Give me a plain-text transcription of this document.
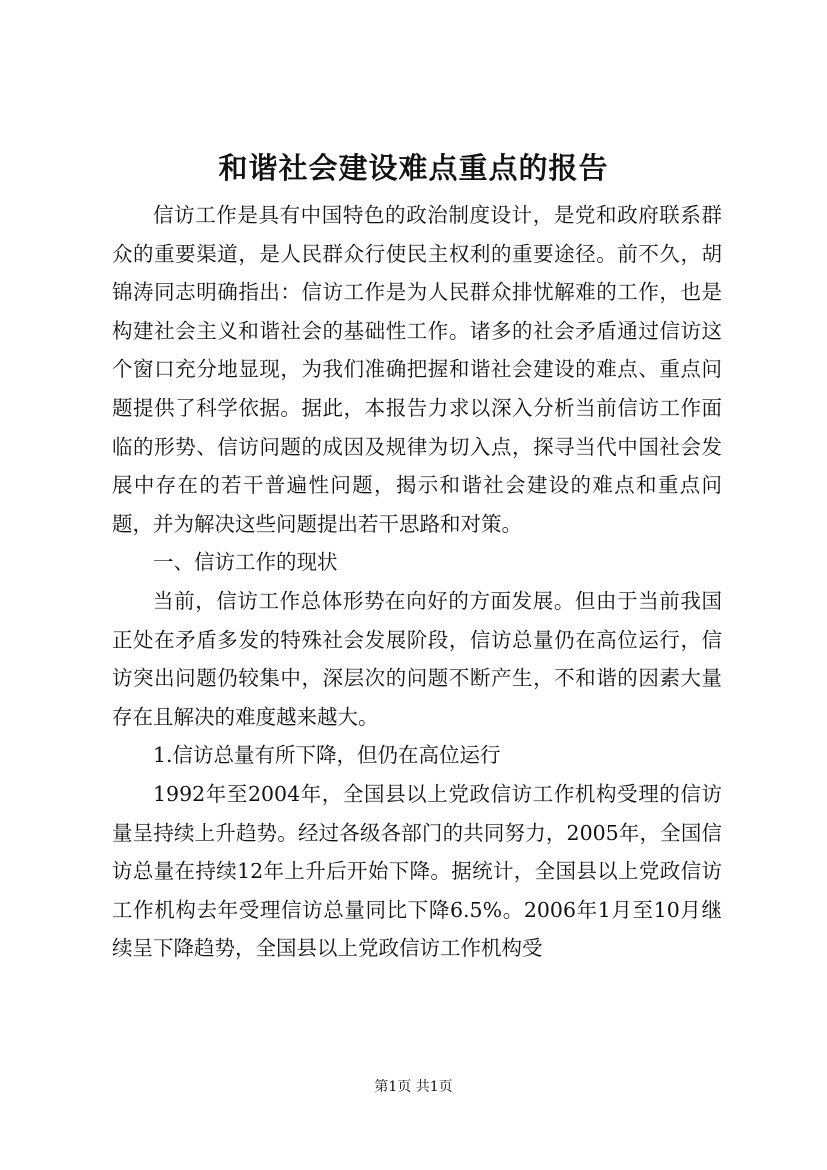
和谐社会建设难点重点的报告

信访工作是具有中国特色的政治制度设计，是党和政府联系群众的重要渠道，是人民群众行使民主权利的重要途径。前不久，胡锦涛同志明确指出：信访工作是为人民群众排忧解难的工作，也是构建社会主义和谐社会的基础性工作。诸多的社会矛盾通过信访这个窗口充分地显现，为我们准确把握和谐社会建设的难点、重点问题提供了科学依据。据此，本报告力求以深入分析当前信访工作面临的形势、信访问题的成因及规律为切入点，探寻当代中国社会发展中存在的若干普遍性问题，揭示和谐社会建设的难点和重点问题，并为解决这些问题提出若干思路和对策。

一、信访工作的现状

当前，信访工作总体形势在向好的方面发展。但由于当前我国正处在矛盾多发的特殊社会发展阶段，信访总量仍在高位运行，信访突出问题仍较集中，深层次的问题不断产生，不和谐的因素大量存在且解决的难度越来越大。

1.信访总量有所下降，但仍在高位运行

1992年至2004年，全国县以上党政信访工作机构受理的信访量呈持续上升趋势。经过各级各部门的共同努力，2005年，全国信访总量在持续12年上升后开始下降。据统计，全国县以上党政信访工作机构去年受理信访总量同比下降6.5%。2006年1月至10月继续呈下降趋势，全国县以上党政信访工作机构受

第1页 共1页
